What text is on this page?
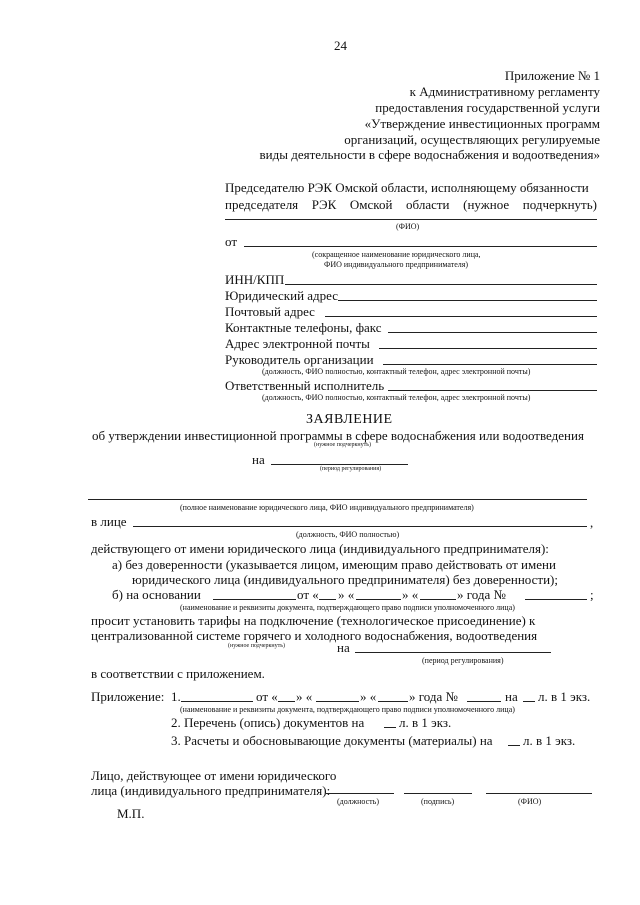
24
Приложение № 1
к Административному регламенту
предоставления государственной услуги
«Утверждение инвестиционных программ
организаций, осуществляющих регулируемые
виды деятельности в сфере водоснабжения и водоотведения»
Председателю РЭК Омской области, исполняющему обязанности
председателя РЭК Омской области (нужное подчеркнуть)
(ФИО)
от
(сокращенное наименование юридического лица,
ФИО индивидуального предпринимателя)
ИНН/КПП
Юридический адрес
Почтовый адрес
Контактные телефоны, факс
Адрес электронной почты
Руководитель организации
(должность, ФИО полностью, контактный телефон, адрес электронной почты)
Ответственный исполнитель
(должность, ФИО полностью, контактный телефон, адрес электронной почты)
ЗАЯВЛЕНИЕ
об утверждении инвестиционной программы в сфере водоснабжения или водоотведения
(нужное подчеркнуть)
на
(период регулирования)
(полное наименование юридического лица, ФИО индивидуального предпринимателя)
в лице	,
(должность, ФИО полностью)
действующего от имени юридического лица (индивидуального предпринимателя):
а) без доверенности (указывается лицом, имеющим право действовать от имени
юридического лица (индивидуального предпринимателя) без доверенности);
б) на основании	от « » «	» «	» года №	;
(наименование и реквизиты документа, подтверждающего право подписи уполномоченного лица)
просит установить тарифы на подключение (технологическое присоединение) к
централизованной системе горячего и холодного водоснабжения, водоотведения
(нужное подчеркнуть)	на
(период регулирования)
в соответствии с приложением.
Приложение: 1.	от « » «	» «	» года №	на л. в 1 экз.
(наименование и реквизиты документа, подтверждающего право подписи уполномоченного лица)
2. Перечень (опись) документов на	л. в 1 экз.
3. Расчеты и обосновывающие документы (материалы) на л. в 1 экз.
Лицо, действующее от имени юридического
лица (индивидуального предпринимателя):
(должность)	(подпись)	(ФИО)
М.П.
